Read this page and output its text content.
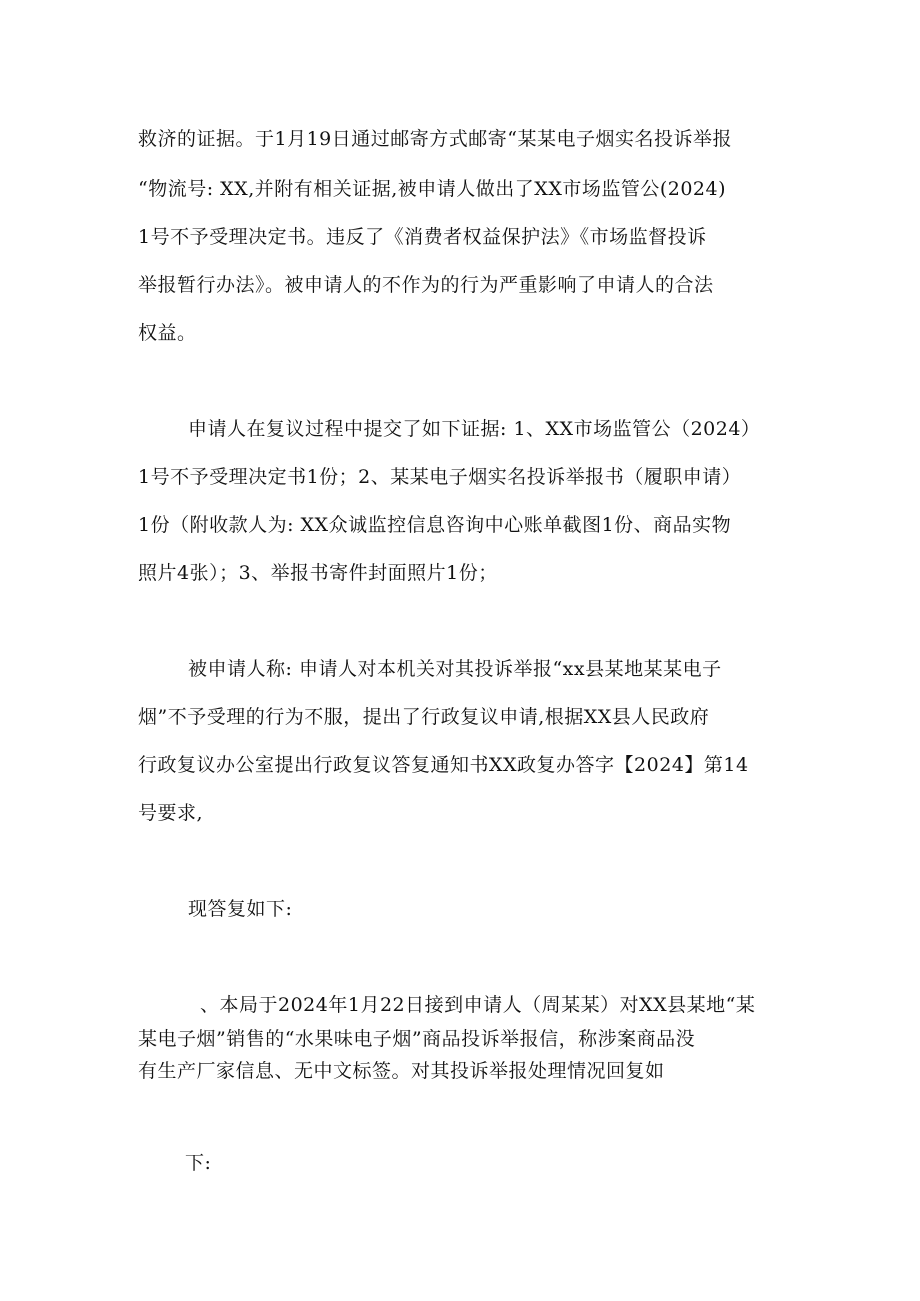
救济的证据。于1月19日通过邮寄方式邮寄“某某电子烟实名投诉举报
“物流号: XX,并附有相关证据,被申请人做出了XX市场监管公(2024)
1号不予受理决定书。违反了《消费者权益保护法》《市场监督投诉
举报暂行办法》。被申请人的不作为的行为严重影响了申请人的合法
权益。
申请人在复议过程中提交了如下证据: 1、XX市场监管公（2024）
1号不予受理决定书1份；2、某某电子烟实名投诉举报书（履职申请）
1份（附收款人为: XX众诚监控信息咨询中心账单截图1份、商品实物
照片4张）；3、举报书寄件封面照片1份；
被申请人称: 申请人对本机关对其投诉举报“xx县某地某某电子
烟”不予受理的行为不服，提出了行政复议申请,根据XX县人民政府
行政复议办公室提出行政复议答复通知书XX政复办答字【2024】第14
号要求,
现答复如下:
、本局于2024年1月22日接到申请人（周某某）对XX县某地“某
某电子烟”销售的“水果味电子烟”商品投诉举报信，称涉案商品没
有生产厂家信息、无中文标签。对其投诉举报处理情况回复如
下:
